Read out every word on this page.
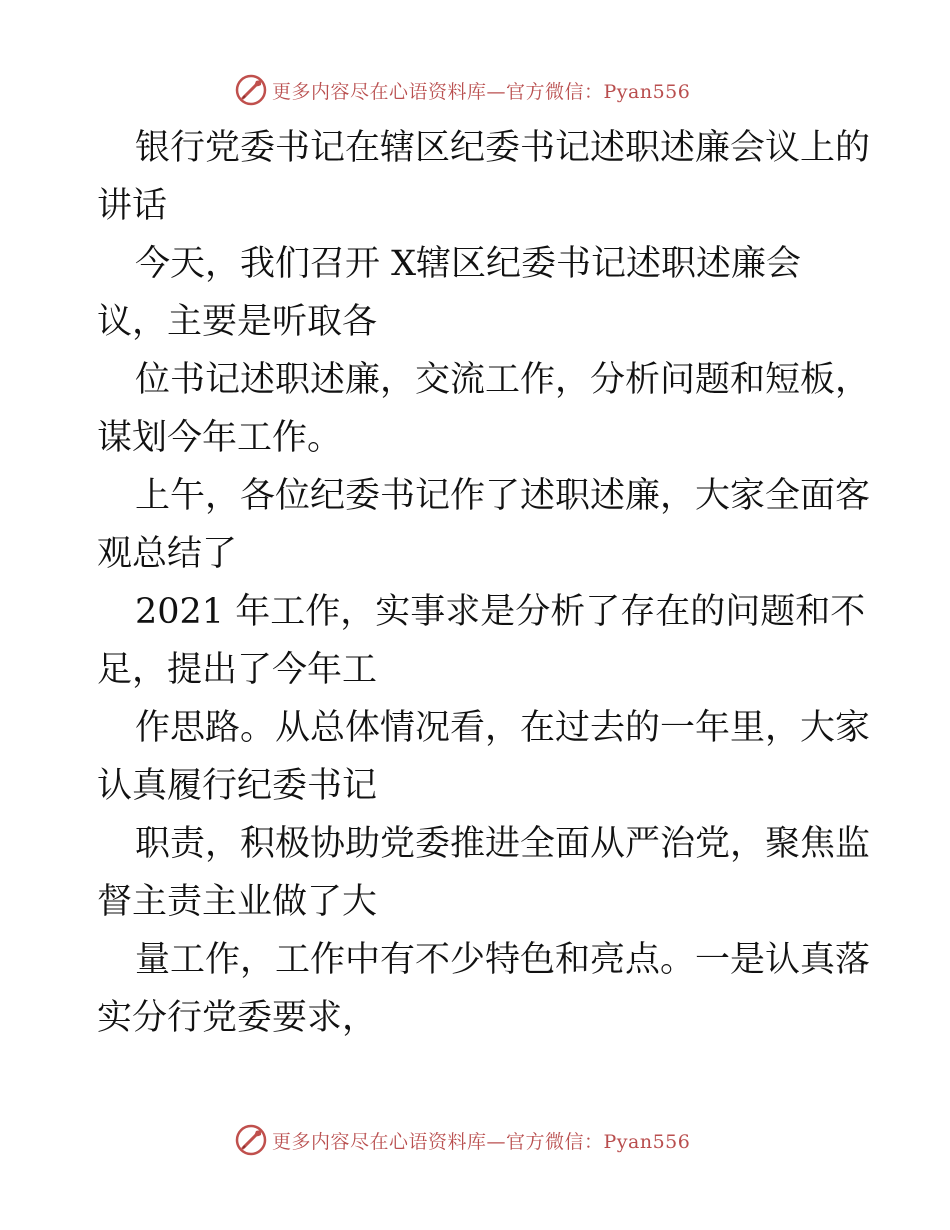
更多内容尽在心语资料库—官方微信：Pyan556
银行党委书记在辖区纪委书记述职述廉会议上的
讲话
今天，我们召开 X辖区纪委书记述职述廉会
议，主要是听取各
位书记述职述廉，交流工作，分析问题和短板，
谋划今年工作。
上午，各位纪委书记作了述职述廉，大家全面客
观总结了
2021 年工作，实事求是分析了存在的问题和不
足，提出了今年工
作思路。从总体情况看，在过去的一年里，大家
认真履行纪委书记
职责，积极协助党委推进全面从严治党，聚焦监
督主责主业做了大
量工作，工作中有不少特色和亮点。一是认真落
实分行党委要求，
更多内容尽在心语资料库—官方微信：Pyan556
